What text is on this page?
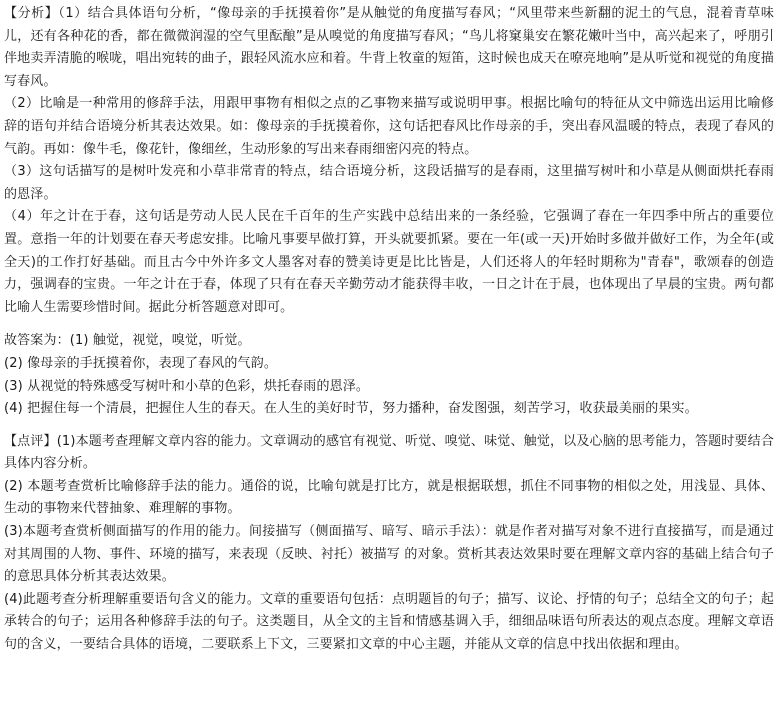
【分析】（1）结合具体语句分析，“像母亲的手抚摸着你”是从触觉的角度描写春风；“风里带来些新翻的泥土的气息，混着青草味儿，还有各种花的香，都在微微润湿的空气里酝酿”是从嗅觉的角度描写春风；“鸟儿将窠巢安在繁花嫩叶当中，高兴起来了，呼朋引伴地卖弄清脆的喉咙，唱出宛转的曲子，跟轻风流水应和着。牛背上牧童的短笛，这时候也成天在嘹亮地响”是从听觉和视觉的角度描写春风。

（2）比喻是一种常用的修辞手法，用跟甲事物有相似之点的乙事物来描写或说明甲事。根据比喻句的特征从文中筛选出运用比喻修辞的语句并结合语境分析其表达效果。如：像母亲的手抚摸着你，这句话把春风比作母亲的手，突出春风温暖的特点，表现了春风的气韵。再如：像牛毛，像花针，像细丝，生动形象的写出来春雨细密闪亮的特点。

（3）这句话描写的是树叶发亮和小草非常青的特点，结合语境分析，这段话描写的是春雨，这里描写树叶和小草是从侧面烘托春雨的恩泽。

（4）年之计在于春，这句话是劳动人民人民在千百年的生产实践中总结出来的一条经验，它强调了春在一年四季中所占的重要位置。意指一年的计划要在春天考虑安排。比喻凡事要早做打算，开头就要抓紧。要在一年(或一天)开始时多做并做好工作，为全年(或全天)的工作打好基础。而且古今中外许多文人墨客对春的赞美诗更是比比皆是，人们还将人的年轻时期称为"青春"，歌颂春的创造力，强调春的宝贵。一年之计在于春，体现了只有在春天辛勤劳动才能获得丰收，一日之计在于晨，也体现出了早晨的宝贵。两句都比喻人生需要珍惜时间。据此分析答题意对即可。

故答案为：(1) 触觉，视觉，嗅觉，听觉。

(2) 像母亲的手抚摸着你，表现了春风的气韵。

(3) 从视觉的特殊感受写树叶和小草的色彩，烘托春雨的恩泽。

(4) 把握住每一个清晨，把握住人生的春天。在人生的美好时节，努力播种，奋发图强，刻苦学习，收获最美丽的果实。

【点评】(1)本题考查理解文章内容的能力。文章调动的感官有视觉、听觉、嗅觉、味觉、触觉，以及心脑的思考能力，答题时要结合具体内容分析。

(2) 本题考查赏析比喻修辞手法的能力。通俗的说，比喻句就是打比方，就是根据联想，抓住不同事物的相似之处，用浅显、具体、生动的事物来代替抽象、难理解的事物。

(3)本题考查赏析侧面描写的作用的能力。间接描写（侧面描写、暗写、暗示手法）：就是作者对描写对象不进行直接描写，而是通过对其周围的人物、事件、环境的描写，来表现（反映、衬托）被描写 的对象。赏析其表达效果时要在理解文章内容的基础上结合句子的意思具体分析其表达效果。

(4)此题考查分析理解重要语句含义的能力。文章的重要语句包括：点明题旨的句子；描写、议论、抒情的句子；总结全文的句子；起承转合的句子；运用各种修辞手法的句子。这类题目，从全文的主旨和情感基调入手，细细品味语句所表达的观点态度。理解文章语句的含义，一要结合具体的语境，二要联系上下文，三要紧扣文章的中心主题，并能从文章的信息中找出依据和理由。
